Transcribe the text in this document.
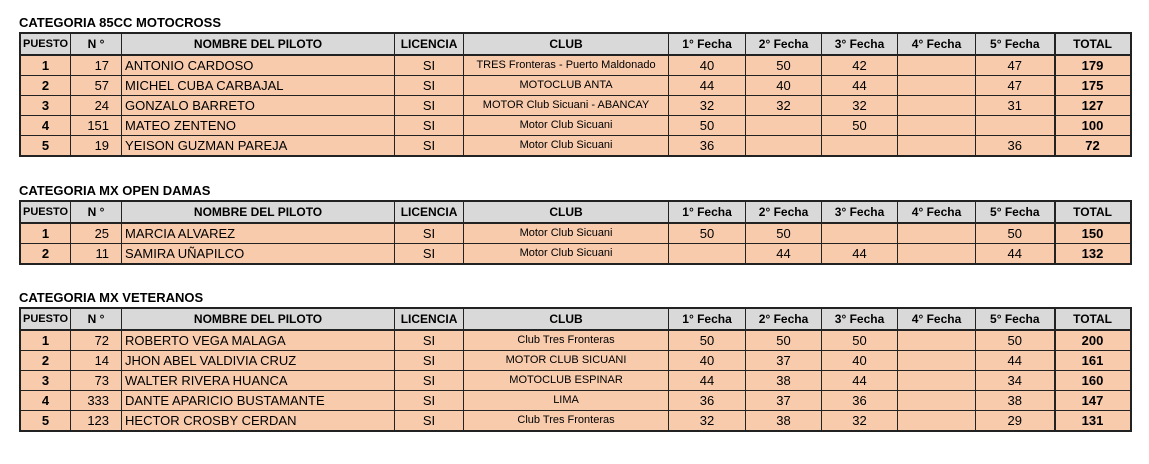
CATEGORIA 85CC MOTOCROSS
PUESTO	N °	NOMBRE DEL PILOTO	LICENCIA	CLUB	1° Fecha	2° Fecha	3° Fecha	4° Fecha	5° Fecha	TOTAL
1	17	ANTONIO CARDOSO	SI	TRES Fronteras - Puerto Maldonado	40	50	42		47	179
2	57	MICHEL CUBA CARBAJAL	SI	MOTOCLUB ANTA	44	40	44		47	175
3	24	GONZALO BARRETO	SI	MOTOR Club Sicuani - ABANCAY	32	32	32		31	127
4	151	MATEO ZENTENO	SI	Motor Club Sicuani	50		50			100
5	19	YEISON GUZMAN PAREJA	SI	Motor Club Sicuani	36				36	72
CATEGORIA MX OPEN DAMAS
PUESTO	N °	NOMBRE DEL PILOTO	LICENCIA	CLUB	1° Fecha	2° Fecha	3° Fecha	4° Fecha	5° Fecha	TOTAL
1	25	MARCIA ALVAREZ	SI	Motor Club Sicuani	50	50			50	150
2	11	SAMIRA UÑAPILCO	SI	Motor Club Sicuani		44	44		44	132
CATEGORIA MX VETERANOS
PUESTO	N °	NOMBRE DEL PILOTO	LICENCIA	CLUB	1° Fecha	2° Fecha	3° Fecha	4° Fecha	5° Fecha	TOTAL
1	72	ROBERTO VEGA MALAGA	SI	Club Tres Fronteras	50	50	50		50	200
2	14	JHON ABEL VALDIVIA CRUZ	SI	MOTOR CLUB SICUANI	40	37	40		44	161
3	73	WALTER RIVERA HUANCA	SI	MOTOCLUB ESPINAR	44	38	44		34	160
4	333	DANTE APARICIO BUSTAMANTE	SI	LIMA	36	37	36		38	147
5	123	HECTOR CROSBY CERDAN	SI	Club Tres Fronteras	32	38	32		29	131
